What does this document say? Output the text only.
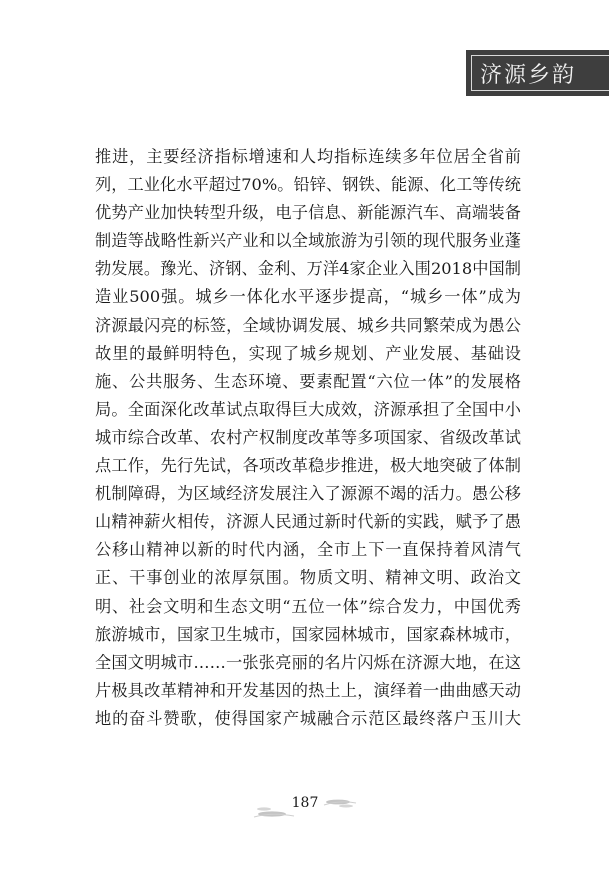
济源乡韵
推进，主要经济指标增速和人均指标连续多年位居全省前
列，工业化水平超过70%。铅锌、钢铁、能源、化工等传统
优势产业加快转型升级，电子信息、新能源汽车、高端装备
制造等战略性新兴产业和以全域旅游为引领的现代服务业蓬
勃发展。豫光、济钢、金利、万洋4家企业入围2018中国制
造业500强。城乡一体化水平逐步提高，“城乡一体”成为
济源最闪亮的标签，全域协调发展、城乡共同繁荣成为愚公
故里的最鲜明特色，实现了城乡规划、产业发展、基础设
施、公共服务、生态环境、要素配置“六位一体”的发展格
局。全面深化改革试点取得巨大成效，济源承担了全国中小
城市综合改革、农村产权制度改革等多项国家、省级改革试
点工作，先行先试，各项改革稳步推进，极大地突破了体制
机制障碍，为区域经济发展注入了源源不竭的活力。愚公移
山精神薪火相传，济源人民通过新时代新的实践，赋予了愚
公移山精神以新的时代内涵，全市上下一直保持着风清气
正、干事创业的浓厚氛围。物质文明、精神文明、政治文
明、社会文明和生态文明“五位一体”综合发力，中国优秀
旅游城市，国家卫生城市，国家园林城市，国家森林城市，
全国文明城市……一张张亮丽的名片闪烁在济源大地，在这
片极具改革精神和开发基因的热土上，演绎着一曲曲感天动
地的奋斗赞歌，使得国家产城融合示范区最终落户玉川大
187
